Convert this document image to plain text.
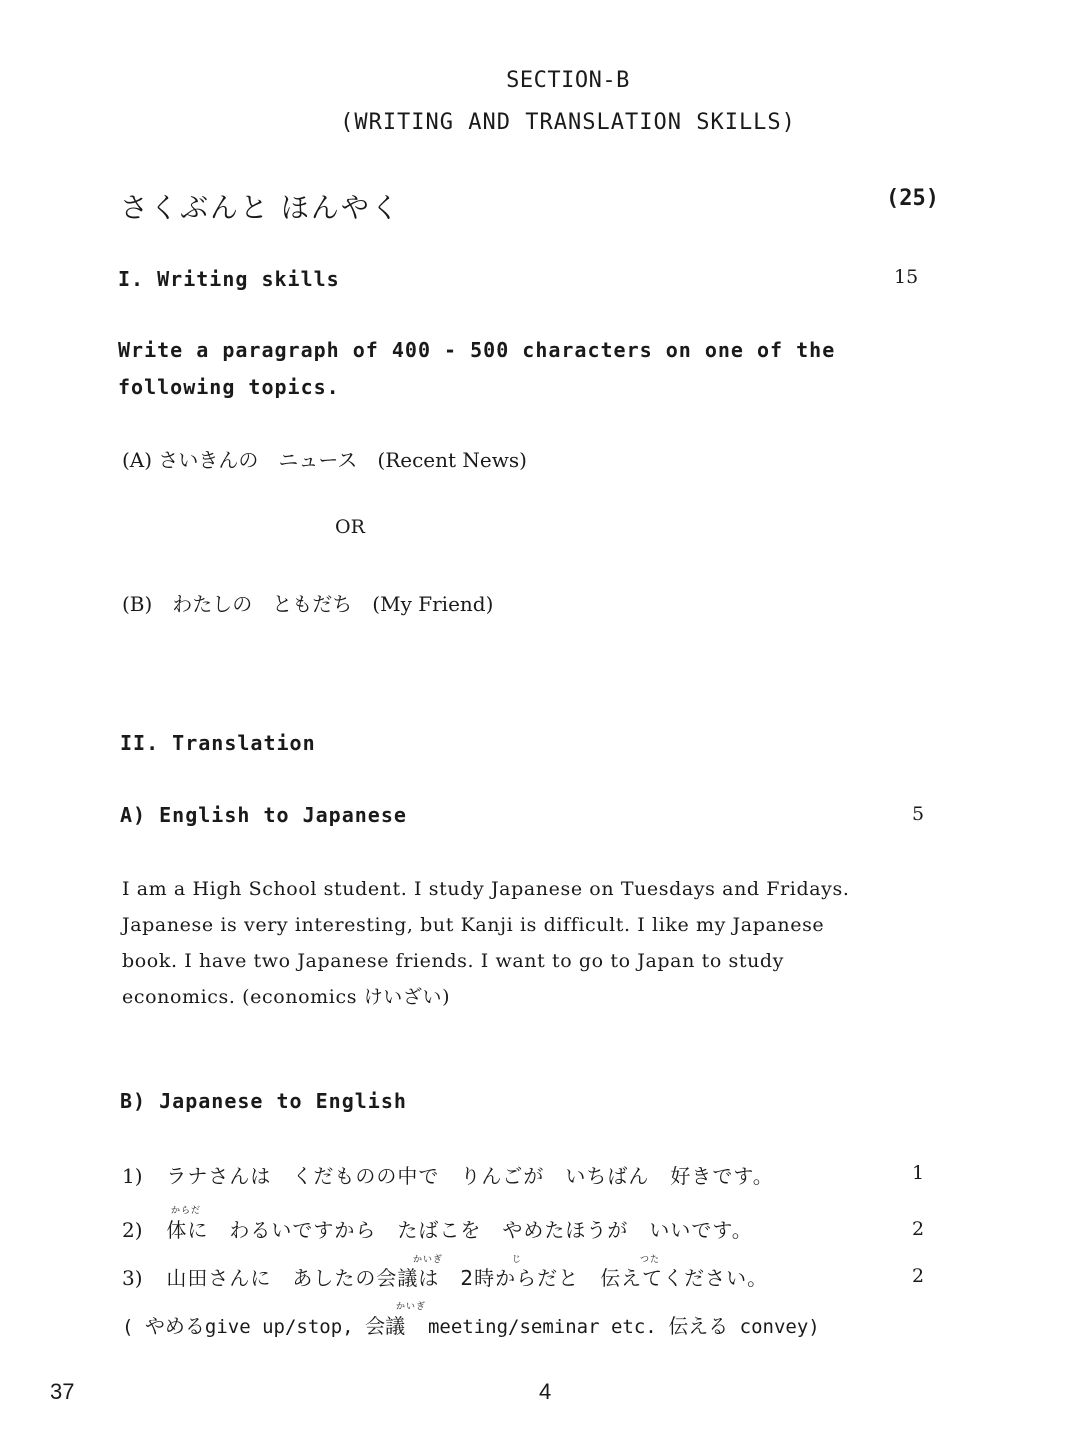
SECTION-B
(WRITING AND TRANSLATION SKILLS)
さくぶんと ほんやく	(25)
I. Writing skills	15
Write a paragraph of 400 - 500 characters on one of the
following topics.
(A) さいきんの　ニュース　(Recent News)
OR
(B)　わたしの　ともだち　(My Friend)
II. Translation
A) English to Japanese	5
I am a High School student. I study Japanese on Tuesdays and Fridays.
Japanese is very interesting, but Kanji is difficult. I like my Japanese
book. I have two Japanese friends. I want to go to Japan to study
economics. (economics けいざい)
B) Japanese to English
1) ラナさんは　くだものの中で　りんごが　いちばん　好きです。	1
からだ
2) 体に　わるいですから　たばこを　やめたほうが　いいです。	2
かいぎ	じ	つた
3) 山田さんに　あしたの会議は　2時からだと　伝えてください。	2
かいぎ
( やめるgive up/stop, 会議 meeting/seminar etc. 伝える convey)
37	4
